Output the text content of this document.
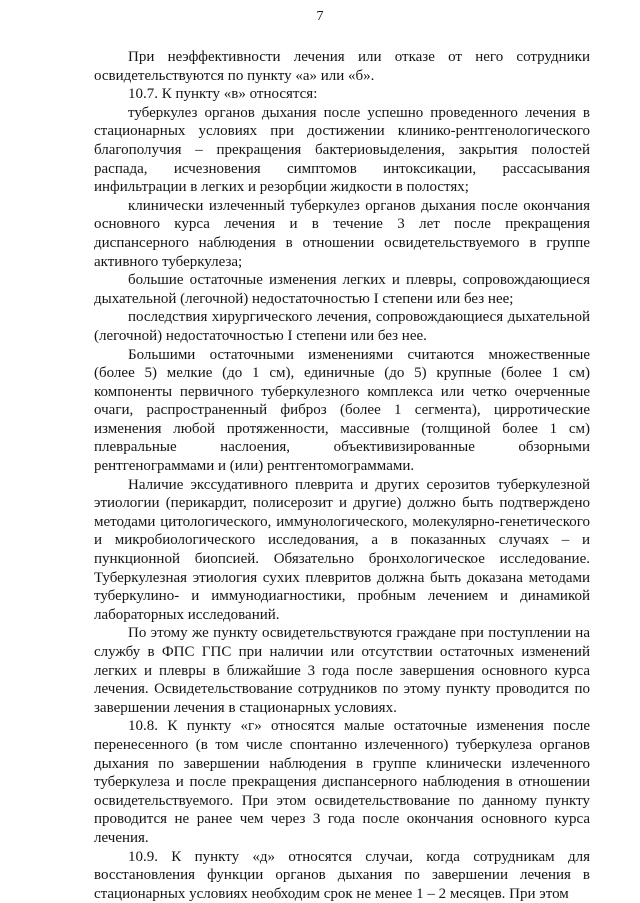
7

При неэффективности лечения или отказе от него сотрудники освидетельствуются по пункту «а» или «б».

10.7. К пункту «в» относятся:

туберкулез органов дыхания после успешно проведенного лечения в стационарных условиях при достижении клинико-рентгенологического благополучия – прекращения бактериовыделения, закрытия полостей распада, исчезновения симптомов интоксикации, рассасывания инфильтрации в легких и резорбции жидкости в полостях;

клинически излеченный туберкулез органов дыхания после окончания основного курса лечения и в течение 3 лет после прекращения диспансерного наблюдения в отношении освидетельствуемого в группе активного туберкулеза;

большие остаточные изменения легких и плевры, сопровождающиеся дыхательной (легочной) недостаточностью I степени или без нее;

последствия хирургического лечения, сопровождающиеся дыхательной (легочной) недостаточностью I степени или без нее.

Большими остаточными изменениями считаются множественные (более 5) мелкие (до 1 см), единичные (до 5) крупные (более 1 см) компоненты первичного туберкулезного комплекса или четко очерченные очаги, распространенный фиброз (более 1 сегмента), цирротические изменения любой протяженности, массивные (толщиной более 1 см) плевральные наслоения, объективизированные обзорными рентгенограммами и (или) рентгентомограммами.

Наличие экссудативного плеврита и других серозитов туберкулезной этиологии (перикардит, полисерозит и другие) должно быть подтверждено методами цитологического, иммунологического, молекулярно-генетического и микробиологического исследования, а в показанных случаях – и пункционной биопсией. Обязательно бронхологическое исследование. Туберкулезная этиология сухих плевритов должна быть доказана методами туберкулино- и иммунодиагностики, пробным лечением и динамикой лабораторных исследований.

По этому же пункту освидетельствуются граждане при поступлении на службу в ФПС ГПС при наличии или отсутствии остаточных изменений легких и плевры в ближайшие 3 года после завершения основного курса лечения. Освидетельствование сотрудников по этому пункту проводится по завершении лечения в стационарных условиях.

10.8. К пункту «г» относятся малые остаточные изменения после перенесенного (в том числе спонтанно излеченного) туберкулеза органов дыхания по завершении наблюдения в группе клинически излеченного туберкулеза и после прекращения диспансерного наблюдения в отношении освидетельствуемого. При этом освидетельствование по данному пункту проводится не ранее чем через 3 года после окончания основного курса лечения.

10.9. К пункту «д» относятся случаи, когда сотрудникам для восстановления функции органов дыхания по завершении лечения в стационарных условиях необходим срок не менее 1 – 2 месяцев. При этом
